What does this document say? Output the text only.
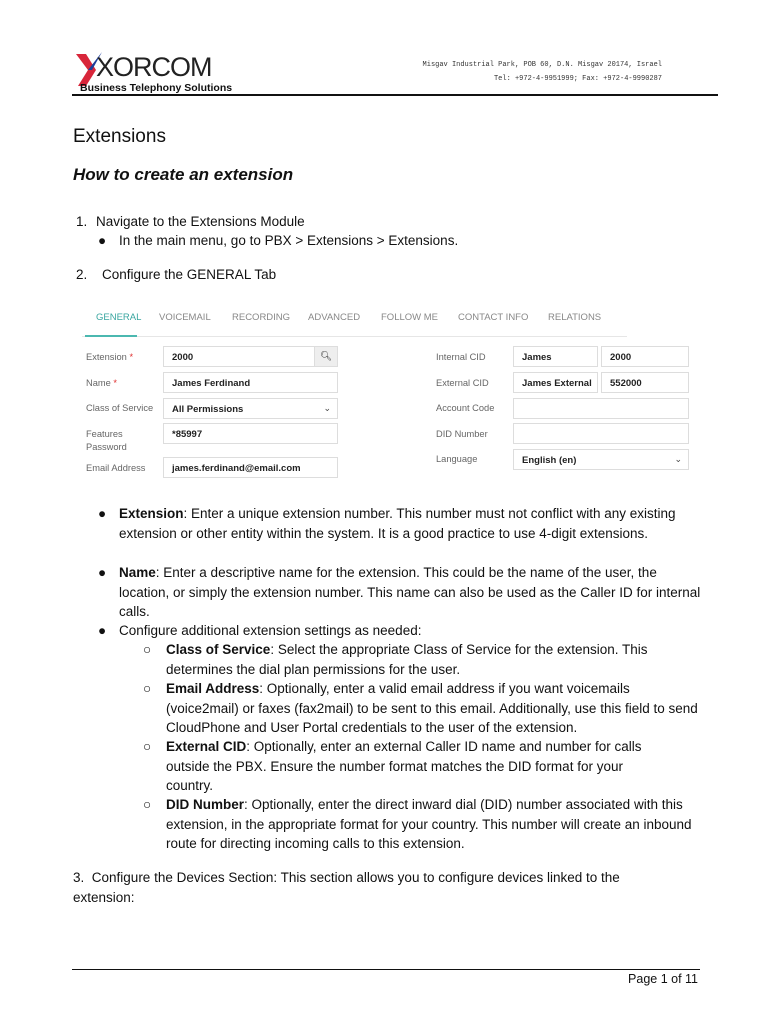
XORCOM
Business Telephony Solutions
Misgav Industrial Park, POB 60, D.N. Misgav 20174, Israel
Tel: +972-4-9951999; Fax: +972-4-9990287
Extensions
How to create an extension
1. Navigate to the Extensions Module
● In the main menu, go to PBX > Extensions > Extensions.
2. Configure the GENERAL Tab
GENERAL VOICEMAIL RECORDING ADVANCED FOLLOW ME CONTACT INFO RELATIONS
Extension *	2000	🔍︎
Name *	James Ferdinand
Class of Service	All Permissions	⌄
Features
Password
*85997
Email Address	james.ferdinand@email.com
Internal CID	James	2000
External CID	James External	552000
Account Code
DID Number
Language	English (en)	⌄
● Extension: Enter a unique extension number. This number must not conflict with any existing extension or other entity within the system. It is a good practice to use 4-digit extensions.
● Name: Enter a descriptive name for the extension. This could be the name of the user, the location, or simply the extension number. This name can also be used as the Caller ID for internal calls.
● Configure additional extension settings as needed:
○ Class of Service: Select the appropriate Class of Service for the extension. This determines the dial plan permissions for the user.
○ Email Address: Optionally, enter a valid email address if you want voicemails (voice2mail) or faxes (fax2mail) to be sent to this email. Additionally, use this field to send CloudPhone and User Portal credentials to the user of the extension.
○ External CID: Optionally, enter an external Caller ID name and number for calls outside the PBX. Ensure the number format matches the DID format for your country.
○ DID Number: Optionally, enter the direct inward dial (DID) number associated with this extension, in the appropriate format for your country. This number will create an inbound route for directing incoming calls to this extension.
3. Configure the Devices Section: This section allows you to configure devices linked to the extension:
Page 1 of 11
